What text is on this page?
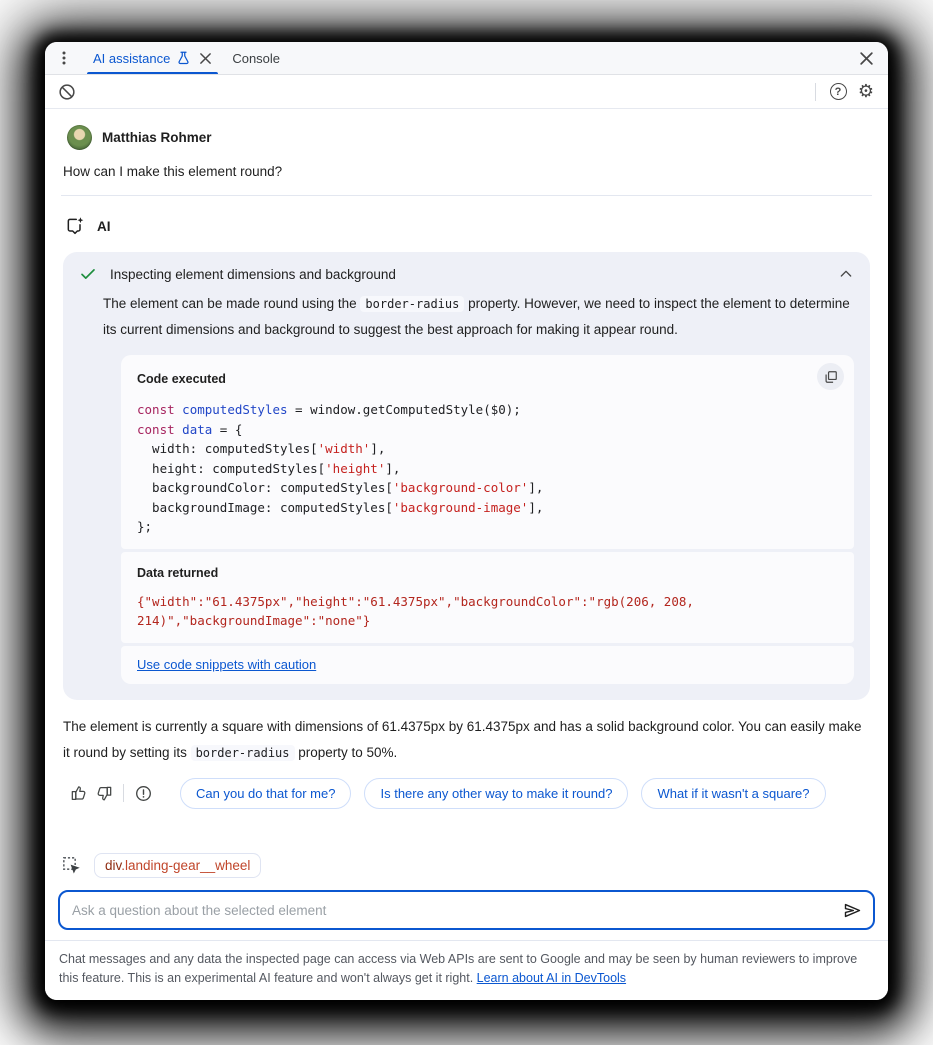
AI assistance	Console
? ⚙
Matthias Rohmer
How can I make this element round?
AI
Inspecting element dimensions and background

The element can be made round using the border-radius property. However, we need to inspect the element to determine its current dimensions and background to suggest the best approach for making it appear round.

Code executed
const computedStyles = window.getComputedStyle($0);
const data = {
width: computedStyles['width'],
height: computedStyles['height'],
backgroundColor: computedStyles['background-color'],
backgroundImage: computedStyles['background-image'],
};
Data returned
{"width":"61.4375px","height":"61.4375px","backgroundColor":"rgb(206, 208,
214)","backgroundImage":"none"}
Use code snippets with caution

The element is currently a square with dimensions of 61.4375px by 61.4375px and has a solid background color. You can easily make it round by setting its border-radius property to 50%.

Can you do that for me?	Is there any other way to make it round?	What if it wasn't a square?
div.landing-gear__wheel
Ask a question about the selected element
Chat messages and any data the inspected page can access via Web APIs are sent to Google and may be seen by human reviewers to improve this feature. This is an experimental AI feature and won't always get it right. Learn about AI in DevTools
